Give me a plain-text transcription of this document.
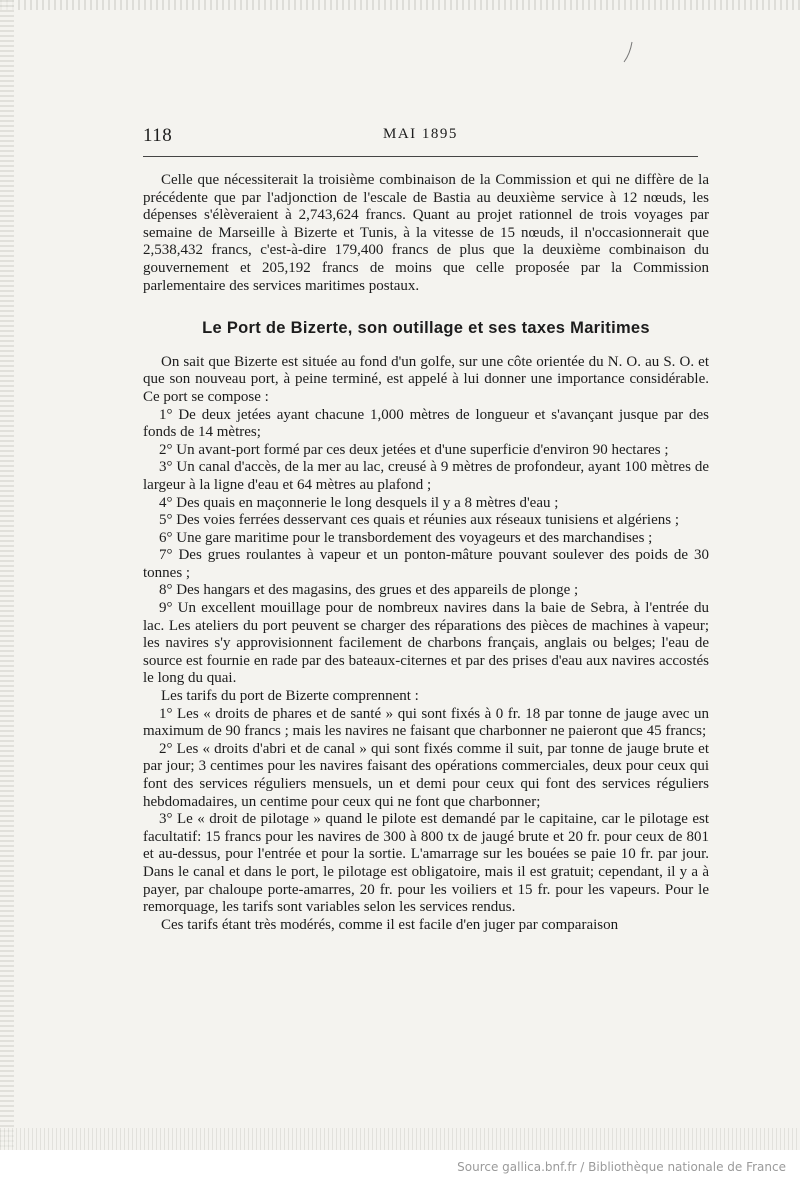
118	MAI 1895

Celle que nécessiterait la troisième combinaison de la Commission et qui ne diffère de la précédente que par l'adjonction de l'escale de Bastia au deuxième service à 12 nœuds, les dépenses s'élèveraient à 2,743,624 francs. Quant au projet rationnel de trois voyages par semaine de Marseille à Bizerte et Tunis, à la vitesse de 15 nœuds, il n'occasionnerait que 2,538,432 francs, c'est-à-dire 179,400 francs de plus que la deuxième combinaison du gouvernement et 205,192 francs de moins que celle proposée par la Commission parlementaire des services maritimes postaux.

Le Port de Bizerte, son outillage et ses taxes Maritimes

On sait que Bizerte est située au fond d'un golfe, sur une côte orientée du N. O. au S. O. et que son nouveau port, à peine terminé, est appelé à lui donner une importance considérable. Ce port se compose :

1° De deux jetées ayant chacune 1,000 mètres de longueur et s'avançant jusque par des fonds de 14 mètres;

2° Un avant-port formé par ces deux jetées et d'une superficie d'environ 90 hectares ;

3° Un canal d'accès, de la mer au lac, creusé à 9 mètres de profondeur, ayant 100 mètres de largeur à la ligne d'eau et 64 mètres au plafond ;

4° Des quais en maçonnerie le long desquels il y a 8 mètres d'eau ;

5° Des voies ferrées desservant ces quais et réunies aux réseaux tunisiens et algériens ;

6° Une gare maritime pour le transbordement des voyageurs et des marchandises ;

7° Des grues roulantes à vapeur et un ponton-mâture pouvant soulever des poids de 30 tonnes ;

8° Des hangars et des magasins, des grues et des appareils de plonge ;

9° Un excellent mouillage pour de nombreux navires dans la baie de Sebra, à l'entrée du lac. Les ateliers du port peuvent se charger des réparations des pièces de machines à vapeur; les navires s'y approvisionnent facilement de charbons français, anglais ou belges; l'eau de source est fournie en rade par des bateaux-citernes et par des prises d'eau aux navires accostés le long du quai.

Les tarifs du port de Bizerte comprennent :

1° Les « droits de phares et de santé » qui sont fixés à 0 fr. 18 par tonne de jauge avec un maximum de 90 francs ; mais les navires ne faisant que charbonner ne paieront que 45 francs;

2° Les « droits d'abri et de canal » qui sont fixés comme il suit, par tonne de jauge brute et par jour; 3 centimes pour les navires faisant des opérations commerciales, deux pour ceux qui font des services réguliers mensuels, un et demi pour ceux qui font des services réguliers hebdomadaires, un centime pour ceux qui ne font que charbonner;

3° Le « droit de pilotage » quand le pilote est demandé par le capitaine, car le pilotage est facultatif: 15 francs pour les navires de 300 à 800 tx de jaugé brute et 20 fr. pour ceux de 801 et au-dessus, pour l'entrée et pour la sortie. L'amarrage sur les bouées se paie 10 fr. par jour. Dans le canal et dans le port, le pilotage est obligatoire, mais il est gratuit; cependant, il y a à payer, par chaloupe porte-amarres, 20 fr. pour les voiliers et 15 fr. pour les vapeurs. Pour le remorquage, les tarifs sont variables selon les services rendus.

Ces tarifs étant très modérés, comme il est facile d'en juger par comparaison

Source gallica.bnf.fr / Bibliothèque nationale de France
